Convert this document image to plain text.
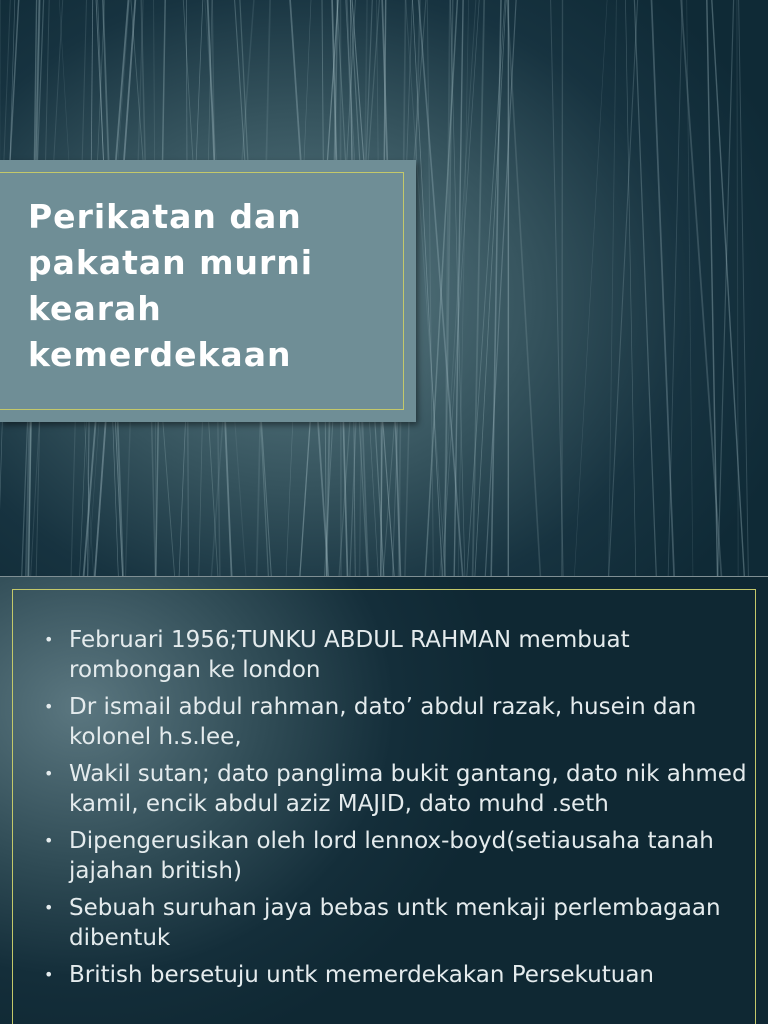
Perikatan dan
pakatan murni
kearah
kemerdekaan
• Februari 1956;TUNKU ABDUL RAHMAN membuat rombongan ke london
• Dr ismail abdul rahman, dato’ abdul razak, husein dan kolonel h.s.lee,
• Wakil sutan; dato panglima bukit gantang, dato nik ahmed kamil, encik abdul aziz MAJID, dato muhd .seth
• Dipengerusikan oleh lord lennox-boyd(setiausaha tanah jajahan british)
• Sebuah suruhan jaya bebas untk menkaji perlembagaan dibentuk
• British bersetuju untk memerdekakan Persekutuan
